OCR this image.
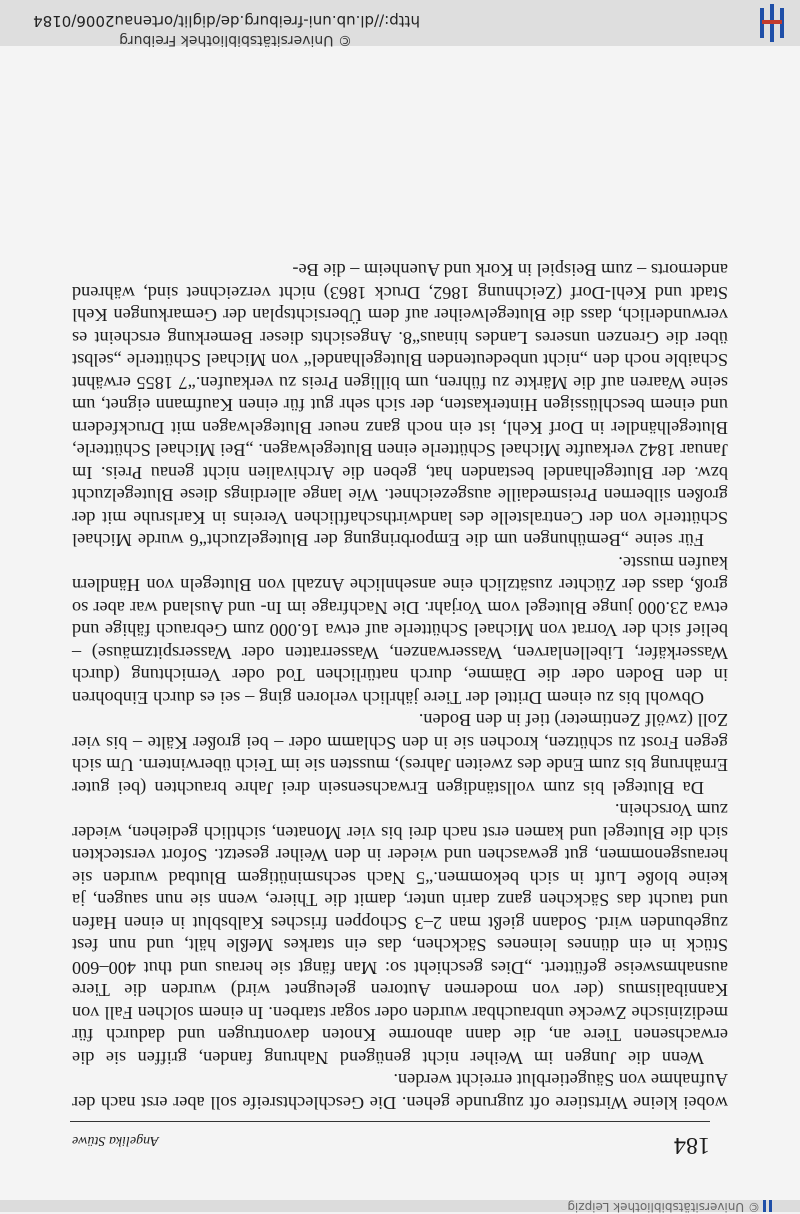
© Universitätsbibliothek Leipzig
184
Angelika Stüwe

wobei kleine Wirtstiere oft zugrunde gehen. Die Geschlechtsreife soll aber erst nach der Aufnahme von Säugetierblut erreicht werden.

Wenn die Jungen im Weiher nicht genügend Nahrung fanden, griffen sie die erwachsenen Tiere an, die dann abnorme Knoten davontrugen und dadurch für medizinische Zwecke unbrauchbar wurden oder sogar starben. In einem solchen Fall von Kannibalismus (der von modernen Autoren geleugnet wird) wurden die Tiere ausnahmsweise gefüttert. „Dies geschieht so: Man fängt sie heraus und thut 400–600 Stück in ein dünnes leinenes Säckchen, das ein starkes Meßle hält, und nun fest zugebunden wird. Sodann gießt man 2–3 Schoppen frisches Kalbsblut in einen Hafen und taucht das Säckchen ganz darin unter, damit die Thiere, wenn sie nun saugen, ja keine bloße Luft in sich bekommen.“5 Nach sechsminütigem Blutbad wurden sie herausgenommen, gut gewaschen und wieder in den Weiher gesetzt. Sofort versteckten sich die Blutegel und kamen erst nach drei bis vier Monaten, sichtlich gediehen, wieder zum Vorschein.

Da Blutegel bis zum vollständigen Erwachsensein drei Jahre brauchten (bei guter Ernährung bis zum Ende des zweiten Jahres), mussten sie im Teich überwintern. Um sich gegen Frost zu schützen, krochen sie in den Schlamm oder – bei großer Kälte – bis vier Zoll (zwölf Zentimeter) tief in den Boden.

Obwohl bis zu einem Drittel der Tiere jährlich verloren ging – sei es durch Einbohren in den Boden oder die Dämme, durch natürlichen Tod oder Vernichtung (durch Wasserkäfer, Libellenlarven, Wasserwanzen, Wasserratten oder Wasserspitzmäuse) – belief sich der Vorrat von Michael Schütterle auf etwa 16.000 zum Gebrauch fähige und etwa 23.000 junge Blutegel vom Vorjahr. Die Nachfrage im In- und Ausland war aber so groß, dass der Züchter zusätzlich eine ansehnliche Anzahl von Blutegeln von Händlern kaufen musste.

Für seine „Bemühungen um die Emporbringung der Blutegelzucht“6 wurde Michael Schütterle von der Centralstelle des landwirthschaftlichen Vereins in Karlsruhe mit der großen silbernen Preismedaille ausgezeichnet. Wie lange allerdings diese Blutegelzucht bzw. der Blutegelhandel bestanden hat, geben die Archivalien nicht genau Preis. Im Januar 1842 verkaufte Michael Schütterle einen Blutegelwagen. „Bei Michael Schütterle, Blutegelhändler in Dorf Kehl, ist ein noch ganz neuer Blutegelwagen mit Druckfedern und einem beschlüssigen Hinterkasten, der sich sehr gut für einen Kaufmann eignet, um seine Waaren auf die Märkte zu führen, um billigen Preis zu verkaufen.“7 1855 erwähnt Schaible noch den „nicht unbedeutenden Blutegelhandel“ von Michael Schütterle „selbst über die Grenzen unseres Landes hinaus“8. Angesichts dieser Bemerkung erscheint es verwunderlich, dass die Blutegelweiher auf dem Übersichtsplan der Gemarkungen Kehl Stadt und Kehl-Dorf (Zeichnung 1862, Druck 1863) nicht verzeichnet sind, während andernorts – zum Beispiel in Kork und Auenheim – die Be-

http://dl.ub.uni-freiburg.de/diglit/ortenau2006/0184
© Universitätsbibliothek Freiburg
